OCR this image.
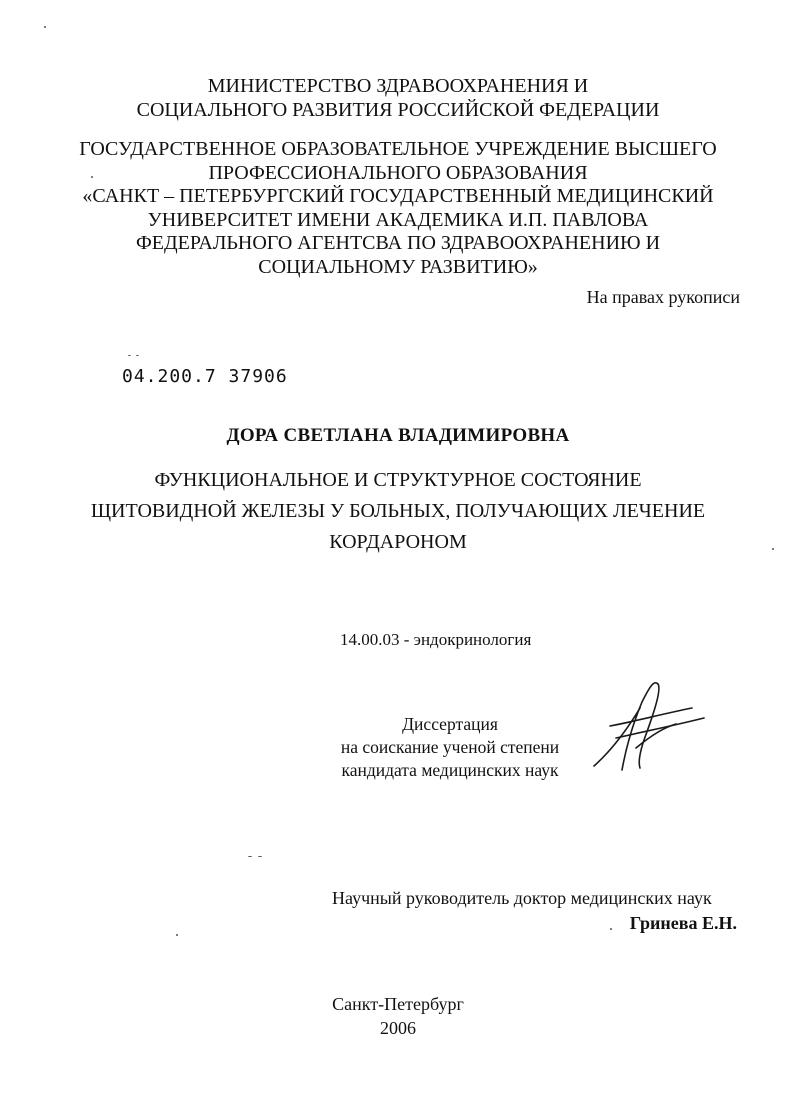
МИНИСТЕРСТВО ЗДРАВООХРАНЕНИЯ И
СОЦИАЛЬНОГО РАЗВИТИЯ РОССИЙСКОЙ ФЕДЕРАЦИИ
ГОСУДАРСТВЕННОЕ ОБРАЗОВАТЕЛЬНОЕ УЧРЕЖДЕНИЕ ВЫСШЕГО
ПРОФЕССИОНАЛЬНОГО ОБРАЗОВАНИЯ
«САНКТ – ПЕТЕРБУРГСКИЙ ГОСУДАРСТВЕННЫЙ МЕДИЦИНСКИЙ
УНИВЕРСИТЕТ ИМЕНИ АКАДЕМИКА И.П. ПАВЛОВА
ФЕДЕРАЛЬНОГО АГЕНТСВА ПО ЗДРАВООХРАНЕНИЮ И
СОЦИАЛЬНОМУ РАЗВИТИЮ»
На правах рукописи
04.200.7 37906
ДОРА СВЕТЛАНА ВЛАДИМИРОВНА
ФУНКЦИОНАЛЬНОЕ И СТРУКТУРНОЕ СОСТОЯНИЕ
ЩИТОВИДНОЙ ЖЕЛЕЗЫ У БОЛЬНЫХ, ПОЛУЧАЮЩИХ ЛЕЧЕНИЕ
КОРДАРОНОМ
14.00.03 - эндокринология
Диссертация
на соискание ученой степени
кандидата медицинских наук
Научный руководитель доктор медицинских наук
Гринева Е.Н.
Санкт-Петербург
2006
